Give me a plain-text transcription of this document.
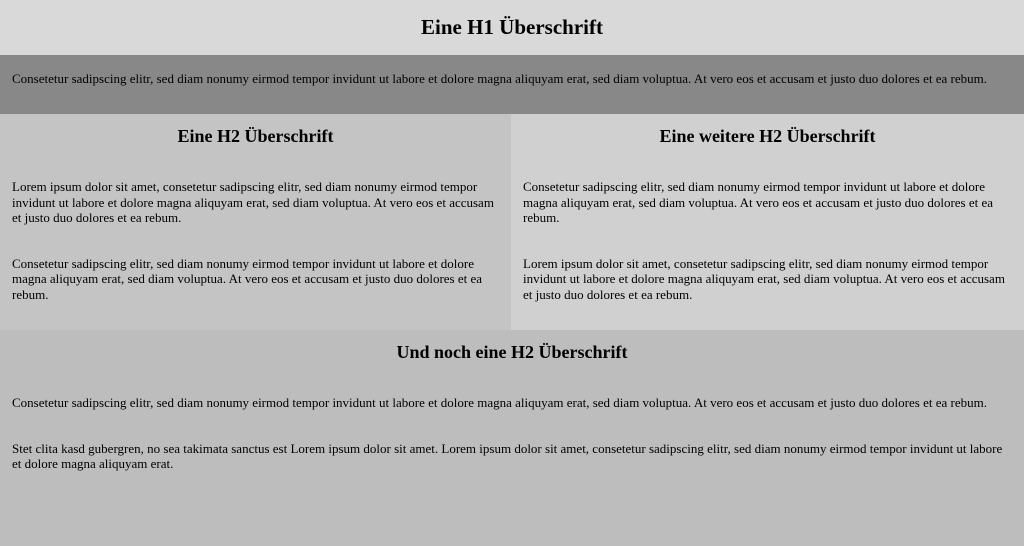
Eine H1 Überschrift

Consetetur sadipscing elitr, sed diam nonumy eirmod tempor invidunt ut labore et dolore magna aliquyam erat, sed diam voluptua. At vero eos et accusam et justo duo dolores et ea rebum.

Eine H2 Überschrift

Lorem ipsum dolor sit amet, consetetur sadipscing elitr, sed diam nonumy eirmod tempor invidunt ut labore et dolore magna aliquyam erat, sed diam voluptua. At vero eos et accusam et justo duo dolores et ea rebum.

Consetetur sadipscing elitr, sed diam nonumy eirmod tempor invidunt ut labore et dolore magna aliquyam erat, sed diam voluptua. At vero eos et accusam et justo duo dolores et ea rebum.

Eine weitere H2 Überschrift

Consetetur sadipscing elitr, sed diam nonumy eirmod tempor invidunt ut labore et dolore magna aliquyam erat, sed diam voluptua. At vero eos et accusam et justo duo dolores et ea rebum.

Lorem ipsum dolor sit amet, consetetur sadipscing elitr, sed diam nonumy eirmod tempor invidunt ut labore et dolore magna aliquyam erat, sed diam voluptua. At vero eos et accusam et justo duo dolores et ea rebum.

Und noch eine H2 Überschrift

Consetetur sadipscing elitr, sed diam nonumy eirmod tempor invidunt ut labore et dolore magna aliquyam erat, sed diam voluptua. At vero eos et accusam et justo duo dolores et ea rebum.

Stet clita kasd gubergren, no sea takimata sanctus est Lorem ipsum dolor sit amet. Lorem ipsum dolor sit amet, consetetur sadipscing elitr, sed diam nonumy eirmod tempor invidunt ut labore et dolore magna aliquyam erat.
